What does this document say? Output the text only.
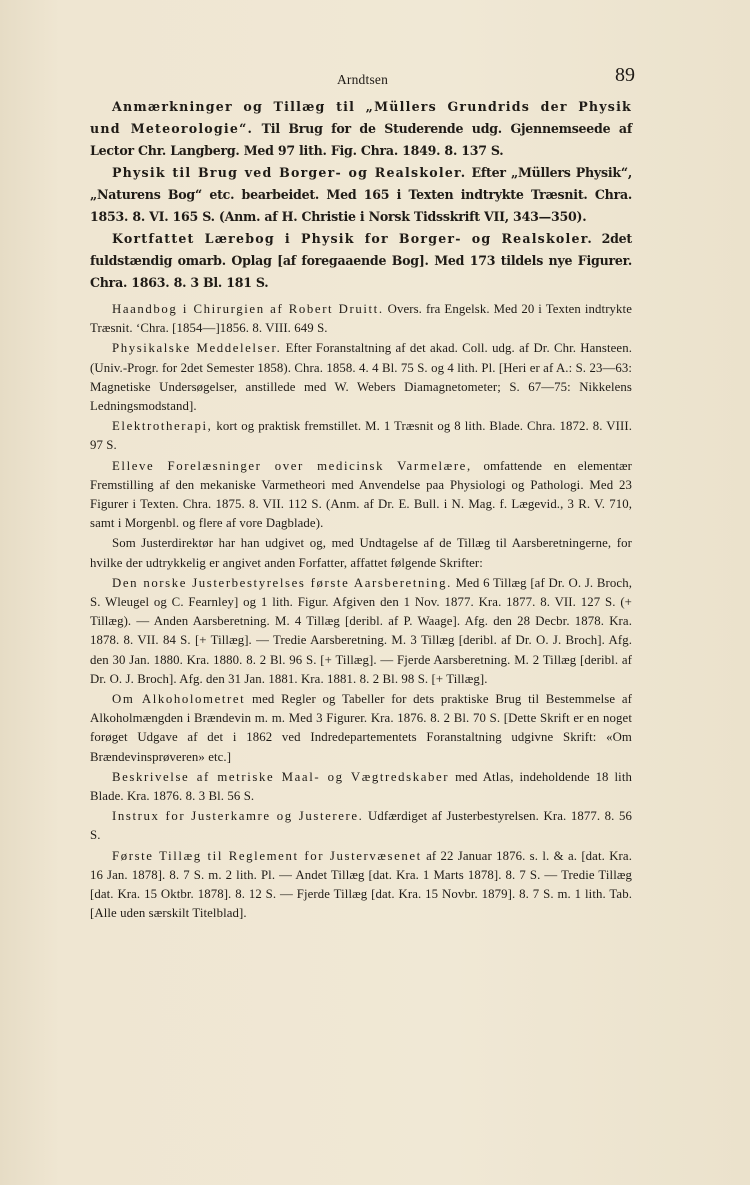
Arndtsen	89

Anmærkninger og Tillæg til „Müllers Grundrids der Physik und Meteorologie“. Til Brug for de Studerende udg. Gjennemseede af Lector Chr. Langberg. Med 97 lith. Fig. Chra. 1849. 8. 137 S.

Physik til Brug ved Borger- og Realskoler. Efter „Müllers Physik“, „Naturens Bog“ etc. bearbeidet. Med 165 i Texten indtrykte Træsnit. Chra. 1853. 8. VI. 165 S. (Anm. af H. Christie i Norsk Tidsskrift VII, 343—350).

Kortfattet Lærebog i Physik for Borger- og Realskoler. 2det fuldstændig omarb. Oplag [af foregaaende Bog]. Med 173 tildels nye Figurer. Chra. 1863. 8. 3 Bl. 181 S.

Haandbog i Chirurgien af Robert Druitt. Overs. fra Engelsk. Med 20 i Texten indtrykte Træsnit. ‘Chra. [1854—]1856. 8. VIII. 649 S.

Physikalske Meddelelser. Efter Foranstaltning af det akad. Coll. udg. af Dr. Chr. Hansteen. (Univ.-Progr. for 2det Semester 1858). Chra. 1858. 4. 4 Bl. 75 S. og 4 lith. Pl. [Heri er af A.: S. 23—63: Magnetiske Undersøgelser, anstillede med W. Webers Diamagnetometer; S. 67—75: Nikkelens Ledningsmodstand].

Elektrotherapi, kort og praktisk fremstillet. M. 1 Træsnit og 8 lith. Blade. Chra. 1872. 8. VIII. 97 S.

Elleve Forelæsninger over medicinsk Varmelære, omfattende en elementær Fremstilling af den mekaniske Varmetheori med Anvendelse paa Physiologi og Pathologi. Med 23 Figurer i Texten. Chra. 1875. 8. VII. 112 S. (Anm. af Dr. E. Bull. i N. Mag. f. Lægevid., 3 R. V. 710, samt i Morgenbl. og flere af vore Dagblade).

Som Justerdirektør har han udgivet og, med Undtagelse af de Tillæg til Aarsberetningerne, for hvilke der udtrykkelig er angivet anden Forfatter, affattet følgende Skrifter:

Den norske Justerbestyrelses første Aarsberetning. Med 6 Tillæg [af Dr. O. J. Broch, S. Wleugel og C. Fearnley] og 1 lith. Figur. Afgiven den 1 Nov. 1877. Kra. 1877. 8. VII. 127 S. (+ Tillæg). — Anden Aarsberetning. M. 4 Tillæg [deribl. af P. Waage]. Afg. den 28 Decbr. 1878. Kra. 1878. 8. VII. 84 S. [+ Tillæg]. — Tredie Aarsberetning. M. 3 Tillæg [deribl. af Dr. O. J. Broch]. Afg. den 30 Jan. 1880. Kra. 1880. 8. 2 Bl. 96 S. [+ Tillæg]. — Fjerde Aarsberetning. M. 2 Tillæg [deribl. af Dr. O. J. Broch]. Afg. den 31 Jan. 1881. Kra. 1881. 8. 2 Bl. 98 S. [+ Tillæg].

Om Alkoholometret med Regler og Tabeller for dets praktiske Brug til Bestemmelse af Alkoholmængden i Brændevin m. m. Med 3 Figurer. Kra. 1876. 8. 2 Bl. 70 S. [Dette Skrift er en noget forøget Udgave af det i 1862 ved Indredepartementets Foranstaltning udgivne Skrift: «Om Brændevinsprøveren» etc.]

Beskrivelse af metriske Maal- og Vægtredskaber med Atlas, indeholdende 18 lith Blade. Kra. 1876. 8. 3 Bl. 56 S.

Instrux for Justerkamre og Justerere. Udfærdiget af Justerbestyrelsen. Kra. 1877. 8. 56 S.

Første Tillæg til Reglement for Justervæsenet af 22 Januar 1876. s. l. & a. [dat. Kra. 16 Jan. 1878]. 8. 7 S. m. 2 lith. Pl. — Andet Tillæg [dat. Kra. 1 Marts 1878]. 8. 7 S. — Tredie Tillæg [dat. Kra. 15 Oktbr. 1878]. 8. 12 S. — Fjerde Tillæg [dat. Kra. 15 Novbr. 1879]. 8. 7 S. m. 1 lith. Tab. [Alle uden særskilt Titelblad].
